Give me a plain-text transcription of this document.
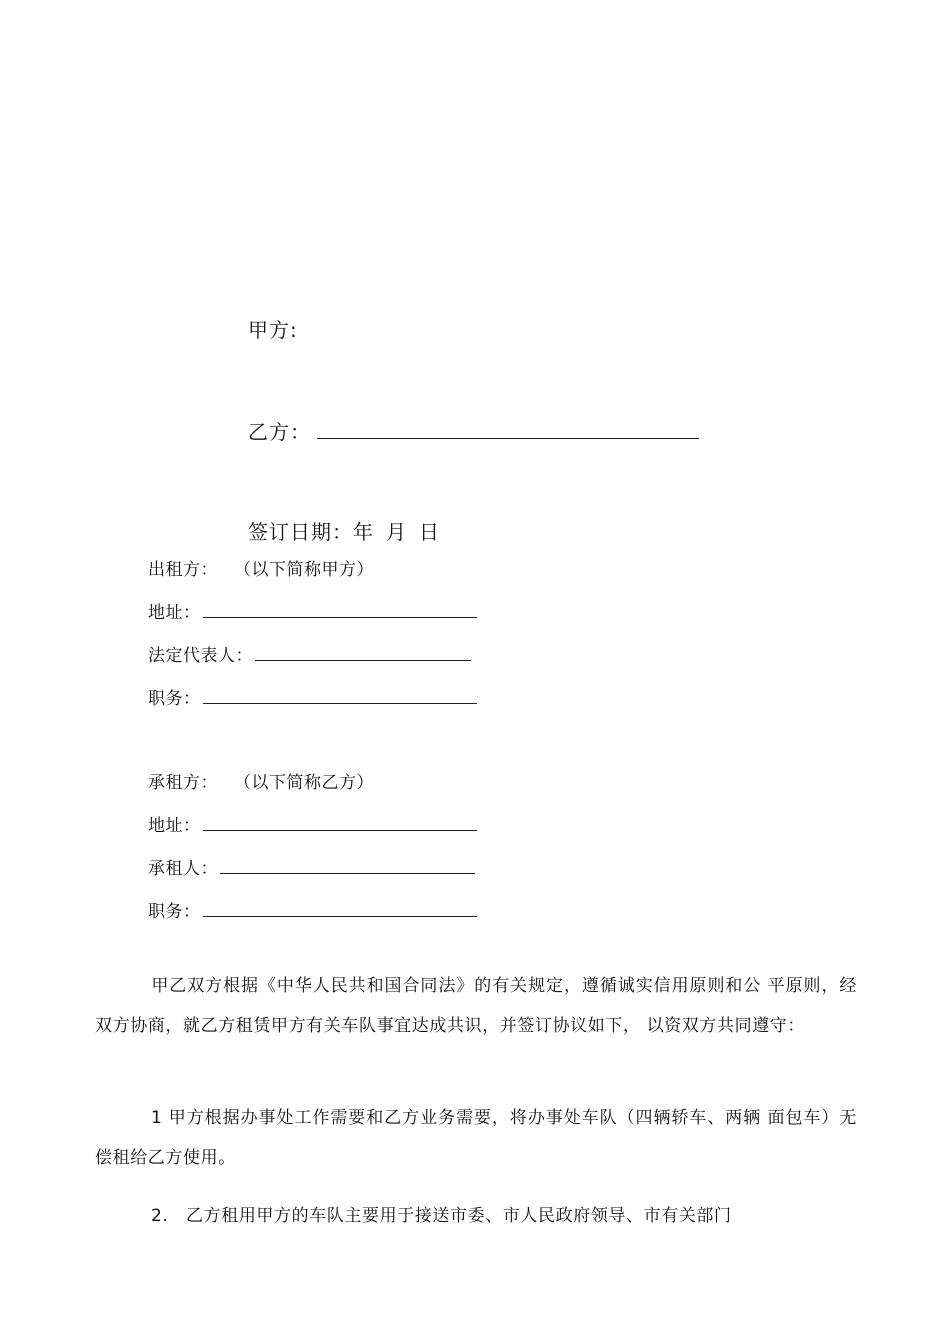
甲方:
乙方：
签订日期：年 月 日
出租方： （以下简称甲方）
地址：
法定代表人：
职务：
承租方： （以下简称乙方）
地址：
承租人：
职务：
甲乙双方根据《中华人民共和国合同法》的有关规定，遵循诚实信用原则和公 平原则，经双方协商，就乙方租赁甲方有关车队事宜达成共识，并签订协议如下， 以资双方共同遵守：
1 甲方根据办事处工作需要和乙方业务需要，将办事处车队（四辆轿车、两辆 面包车）无偿租给乙方使用。
2.　乙方租用甲方的车队主要用于接送市委、市人民政府领导、市有关部门
